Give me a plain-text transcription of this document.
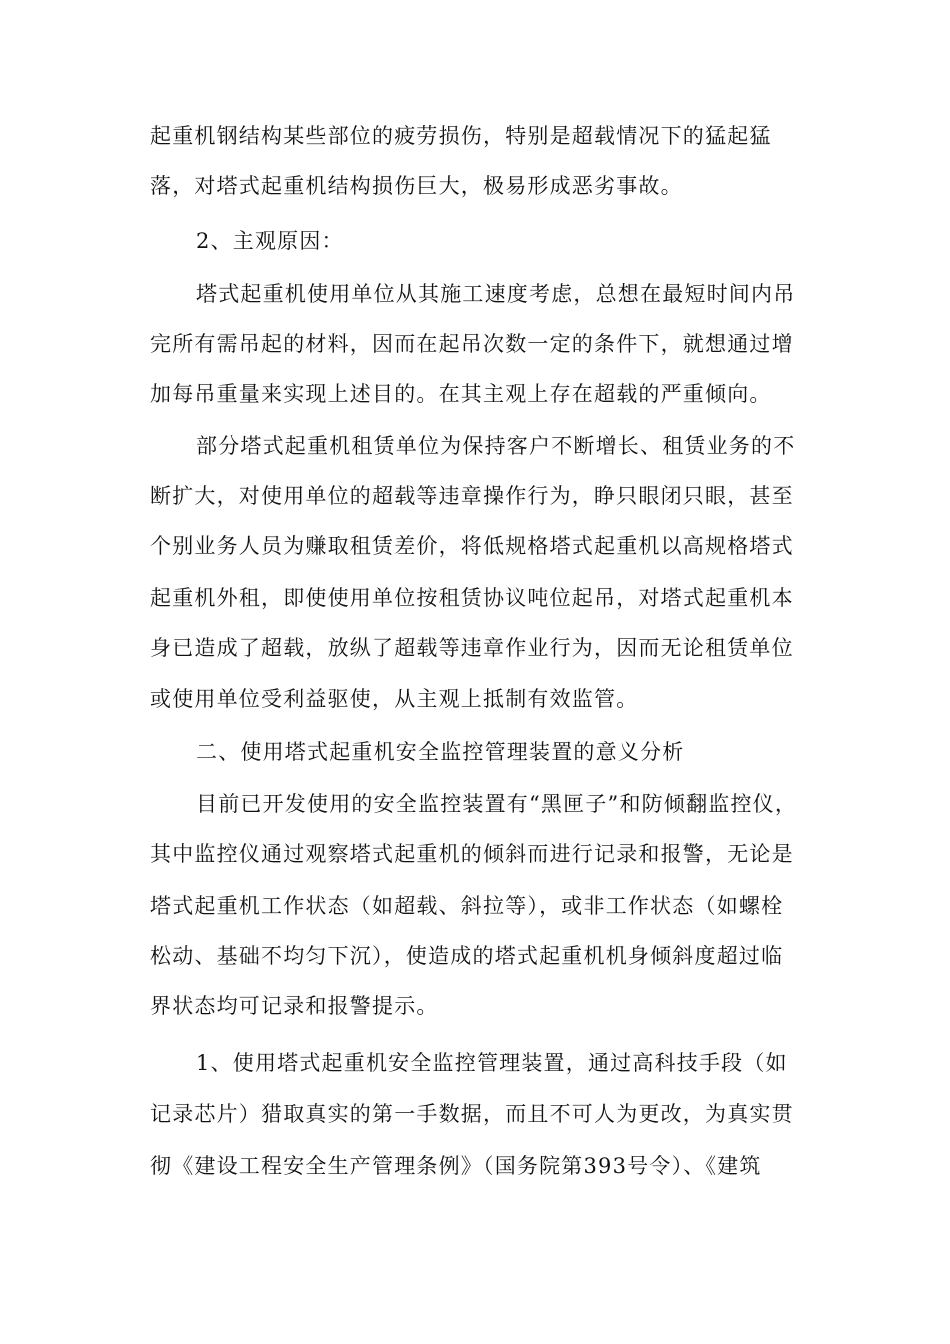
起重机钢结构某些部位的疲劳损伤，特别是超载情况下的猛起猛
落，对塔式起重机结构损伤巨大，极易形成恶劣事故。
2、主观原因：
塔式起重机使用单位从其施工速度考虑，总想在最短时间内吊
完所有需吊起的材料，因而在起吊次数一定的条件下，就想通过增
加每吊重量来实现上述目的。在其主观上存在超载的严重倾向。
部分塔式起重机租赁单位为保持客户不断增长、租赁业务的不
断扩大，对使用单位的超载等违章操作行为，睁只眼闭只眼，甚至
个别业务人员为赚取租赁差价，将低规格塔式起重机以高规格塔式
起重机外租，即使使用单位按租赁协议吨位起吊，对塔式起重机本
身已造成了超载，放纵了超载等违章作业行为，因而无论租赁单位
或使用单位受利益驱使，从主观上抵制有效监管。
二、使用塔式起重机安全监控管理装置的意义分析
目前已开发使用的安全监控装置有“黑匣子”和防倾翻监控仪，
其中监控仪通过观察塔式起重机的倾斜而进行记录和报警，无论是
塔式起重机工作状态（如超载、斜拉等），或非工作状态（如螺栓
松动、基础不均匀下沉），使造成的塔式起重机机身倾斜度超过临
界状态均可记录和报警提示。
1、使用塔式起重机安全监控管理装置，通过高科技手段（如
记录芯片）猎取真实的第一手数据，而且不可人为更改，为真实贯
彻《建设工程安全生产管理条例》（国务院第393号令）、《建筑
